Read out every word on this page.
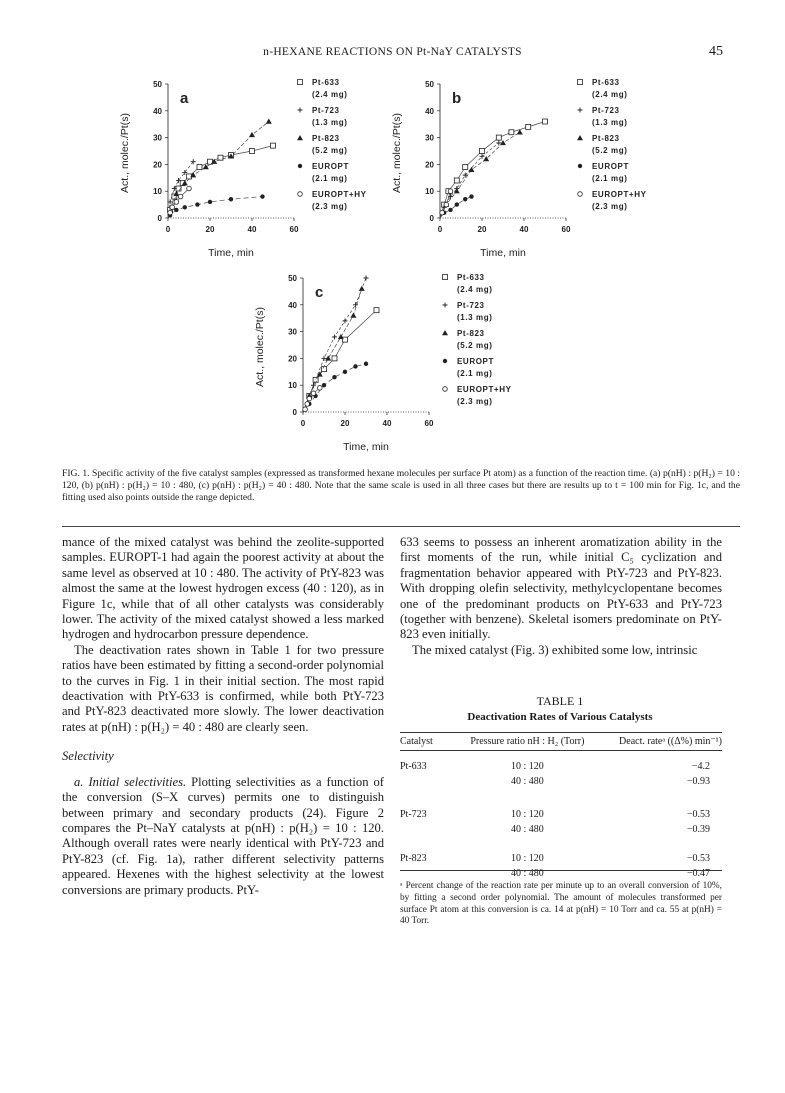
n-HEXANE REACTIONS ON Pt-NaY CATALYSTS	45
0
10
20
30
40
50
0	20	40	60
a
Time, min
Act., molec./Pt(s)
Pt-633
(2.4 mg)
Pt-723
(1.3 mg)
Pt-823
(5.2 mg)
EUROPT
(2.1 mg)
EUROPT+HY
(2.3 mg)
0
10
20
30
40
50
0	20	40	60
b
Time, min
Act., molec./Pt(s)
Pt-633
(2.4 mg)
Pt-723
(1.3 mg)
Pt-823
(5.2 mg)
EUROPT
(2.1 mg)
EUROPT+HY
(2.3 mg)
0
10
20
30
40
50
0	20	40	60
c
Time, min
Act., molec./Pt(s)
Pt-633
(2.4 mg)
Pt-723
(1.3 mg)
Pt-823
(5.2 mg)
EUROPT
(2.1 mg)
EUROPT+HY
(2.3 mg)
FIG. 1. Specific activity of the five catalyst samples (expressed as transformed hexane molecules per surface Pt atom) as a function of the reaction time. (a) p(nH) : p(H₂) = 10 : 120, (b) p(nH) : p(H₂) = 10 : 480, (c) p(nH) : p(H₂) = 40 : 480. Note that the same scale is used in all three cases but there are results up to t = 100 min for Fig. 1c, and the fitting used also points outside the range depicted.

mance of the mixed catalyst was behind the zeolite-supported samples. EUROPT-1 had again the poorest activity at about the same level as observed at 10 : 480. The activity of PtY-823 was almost the same at the lowest hydrogen excess (40 : 120), as in Figure 1c, while that of all other catalysts was considerably lower. The activity of the mixed catalyst showed a less marked hydrogen and hydrocarbon pressure dependence.

The deactivation rates shown in Table 1 for two pressure ratios have been estimated by fitting a second-order polynomial to the curves in Fig. 1 in their initial section. The most rapid deactivation with PtY-633 is confirmed, while both PtY-723 and PtY-823 deactivated more slowly. The lower deactivation rates at p(nH) : p(H₂) = 40 : 480 are clearly seen.

Selectivity

a. Initial selectivities. Plotting selectivities as a function of the conversion (S–X curves) permits one to distinguish between primary and secondary products (24). Figure 2 compares the Pt–NaY catalysts at p(nH) : p(H₂) = 10 : 120. Although overall rates were nearly identical with PtY-723 and PtY-823 (cf. Fig. 1a), rather different selectivity patterns appeared. Hexenes with the highest selectivity at the lowest conversions are primary products. PtY-

633 seems to possess an inherent aromatization ability in the first moments of the run, while initial C₅ cyclization and fragmentation behavior appeared with PtY-723 and PtY-823. With dropping olefin selectivity, methylcyclopentane becomes one of the predominant products on PtY-633 and PtY-723 (together with benzene). Skeletal isomers predominate on PtY-823 even initially.

The mixed catalyst (Fig. 3) exhibited some low, intrinsic

TABLE 1
Deactivation Rates of Various Catalysts
Catalyst	Pressure ratio nH : H₂ (Torr)	Deact. rateᵃ ((Δ%) min⁻¹)

Pt-633	10 : 120	−4.2
	40 : 480	−0.93

Pt-723	10 : 120	−0.53
	40 : 480	−0.39

Pt-823	10 : 120	−0.53
	40 : 480	−0.47
ᵃ Percent change of the reaction rate per minute up to an overall conversion of 10%, by fitting a second order polynomial. The amount of molecules transformed per surface Pt atom at this conversion is ca. 14 at p(nH) = 10 Torr and ca. 55 at p(nH) = 40 Torr.
